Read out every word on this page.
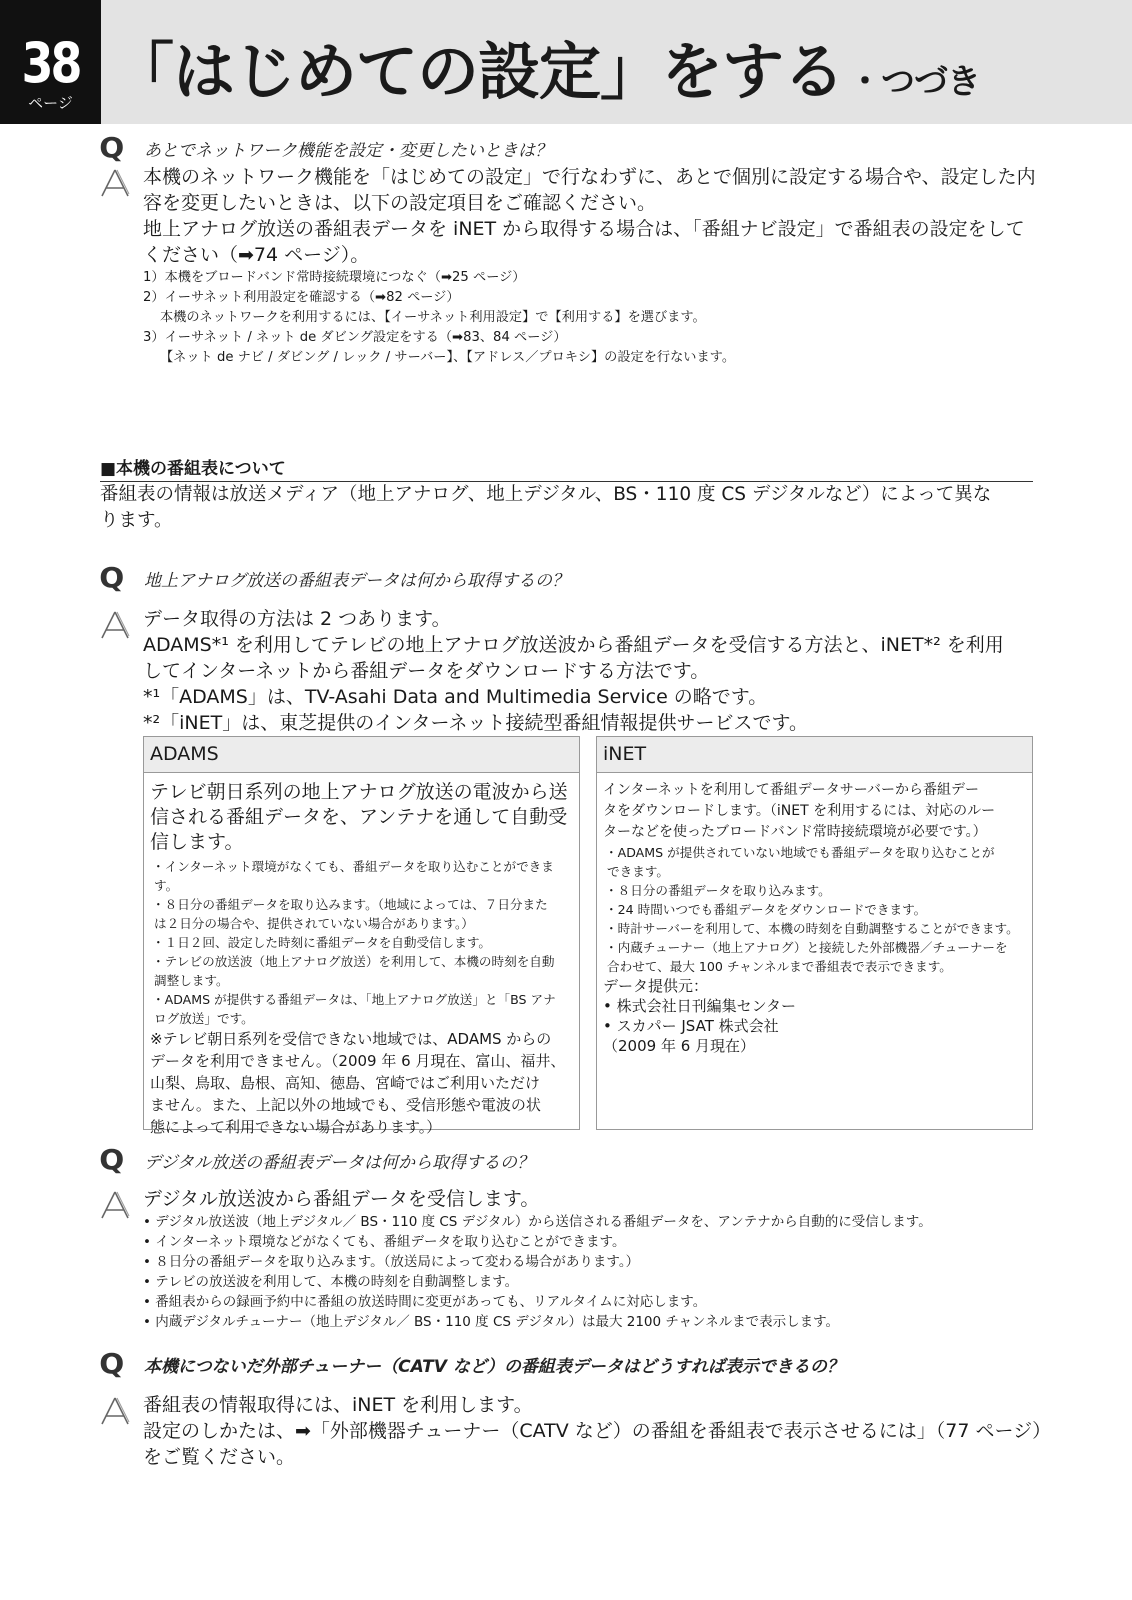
38
ページ 「はじめての設定」をする ・つづき
Q	あとでネットワーク機能を設定・変更したいときは？
本機のネットワーク機能を「はじめての設定」で行なわずに、あとで個別に設定する場合や、設定した内
容を変更したいときは、以下の設定項目をご確認ください。
地上アナログ放送の番組表データを iNET から取得する場合は、「番組ナビ設定」で番組表の設定をして
ください（➡74 ページ）。
1）本機をブロードバンド常時接続環境につなぐ（➡25 ページ）
2）イーサネット利用設定を確認する（➡82 ページ）
本機のネットワークを利用するには、【イーサネット利用設定】で【利用する】を選びます。
3）イーサネット / ネット de ダビング設定をする（➡83、84 ページ）
【ネット de ナビ / ダビング / レック / サーバー】、【アドレス／プロキシ】の設定を行ないます。
■本機の番組表について
番組表の情報は放送メディア（地上アナログ、地上デジタル、BS・110 度 CS デジタルなど）によって異な
ります。
Q	地上アナログ放送の番組表データは何から取得するの？
データ取得の方法は 2 つあります。
ADAMS*¹ を利用してテレビの地上アナログ放送波から番組データを受信する方法と、iNET*² を利用
してインターネットから番組データをダウンロードする方法です。
*¹「ADAMS」は、TV-Asahi Data and Multimedia Service の略です。
*²「iNET」は、東芝提供のインターネット接続型番組情報提供サービスです。
ADAMS
テレビ朝日系列の地上アナログ放送の電波から送
信される番組データを、アンテナを通して自動受
信します。
・インターネット環境がなくても、番組データを取り込むことができま
す。
・８日分の番組データを取り込みます。（地域によっては、７日分また
は２日分の場合や、提供されていない場合があります。）
・１日２回、設定した時刻に番組データを自動受信します。
・テレビの放送波（地上アナログ放送）を利用して、本機の時刻を自動
調整します。
・ADAMS が提供する番組データは、「地上アナログ放送」と「BS アナ
ログ放送」です。
※テレビ朝日系列を受信できない地域では、ADAMS からの
データを利用できません。（2009 年 6 月現在、富山、福井、
山梨、鳥取、島根、高知、徳島、宮崎ではご利用いただけ
ません。また、上記以外の地域でも、受信形態や電波の状
態によって利用できない場合があります。）
iNET
インターネットを利用して番組データサーバーから番組デー
タをダウンロードします。（iNET を利用するには、対応のルー
ターなどを使ったブロードバンド常時接続環境が必要です。）
・ADAMS が提供されていない地域でも番組データを取り込むことが
できます。
・８日分の番組データを取り込みます。
・24 時間いつでも番組データをダウンロードできます。
・時計サーバーを利用して、本機の時刻を自動調整することができます。
・内蔵チューナー（地上アナログ）と接続した外部機器／チューナーを
合わせて、最大 100 チャンネルまで番組表で表示できます。
データ提供元：
• 株式会社日刊編集センター
• スカパー JSAT 株式会社
（2009 年 6 月現在）
Q	デジタル放送の番組表データは何から取得するの？
デジタル放送波から番組データを受信します。
• デジタル放送波（地上デジタル／ BS・110 度 CS デジタル）から送信される番組データを、アンテナから自動的に受信します。
• インターネット環境などがなくても、番組データを取り込むことができます。
• ８日分の番組データを取り込みます。（放送局によって変わる場合があります。）
• テレビの放送波を利用して、本機の時刻を自動調整します。
• 番組表からの録画予約中に番組の放送時間に変更があっても、リアルタイムに対応します。
• 内蔵デジタルチューナー（地上デジタル／ BS・110 度 CS デジタル）は最大 2100 チャンネルまで表示します。
Q	本機につないだ外部チューナー（CATV など）の番組表データはどうすれば表示できるの？
番組表の情報取得には、iNET を利用します。
設定のしかたは、➡「外部機器チューナー（CATV など）の番組を番組表で表示させるには」（77 ページ）
をご覧ください。
